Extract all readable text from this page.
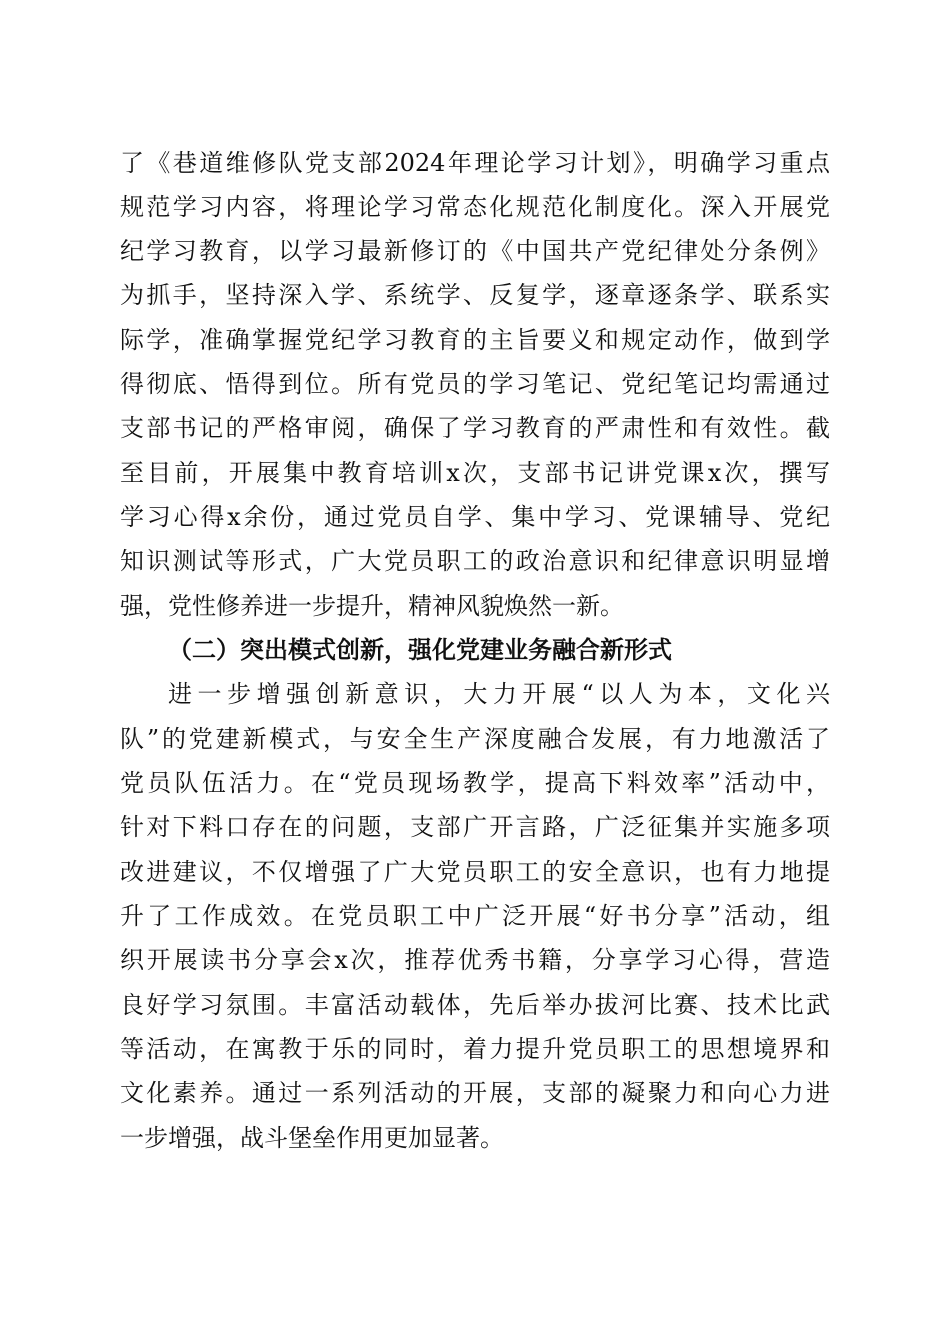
了《巷道维修队党支部2024年理论学习计划》，明确学习重点
规范学习内容，将理论学习常态化规范化制度化。深入开展党
纪学习教育，以学习最新修订的《中国共产党纪律处分条例》
为抓手，坚持深入学、系统学、反复学，逐章逐条学、联系实
际学，准确掌握党纪学习教育的主旨要义和规定动作，做到学
得彻底、悟得到位。所有党员的学习笔记、党纪笔记均需通过
支部书记的严格审阅，确保了学习教育的严肃性和有效性。截
至目前，开展集中教育培训x次，支部书记讲党课x次，撰写
学习心得x余份，通过党员自学、集中学习、党课辅导、党纪
知识测试等形式，广大党员职工的政治意识和纪律意识明显增
强，党性修养进一步提升，精神风貌焕然一新。
（二）突出模式创新，强化党建业务融合新形式
进一步增强创新意识，大力开展“以人为本，文化兴
队”的党建新模式，与安全生产深度融合发展，有力地激活了
党员队伍活力。在“党员现场教学，提高下料效率”活动中，
针对下料口存在的问题，支部广开言路，广泛征集并实施多项
改进建议，不仅增强了广大党员职工的安全意识，也有力地提
升了工作成效。在党员职工中广泛开展“好书分享”活动，组
织开展读书分享会x次，推荐优秀书籍，分享学习心得，营造
良好学习氛围。丰富活动载体，先后举办拔河比赛、技术比武
等活动，在寓教于乐的同时，着力提升党员职工的思想境界和
文化素养。通过一系列活动的开展，支部的凝聚力和向心力进
一步增强，战斗堡垒作用更加显著。
